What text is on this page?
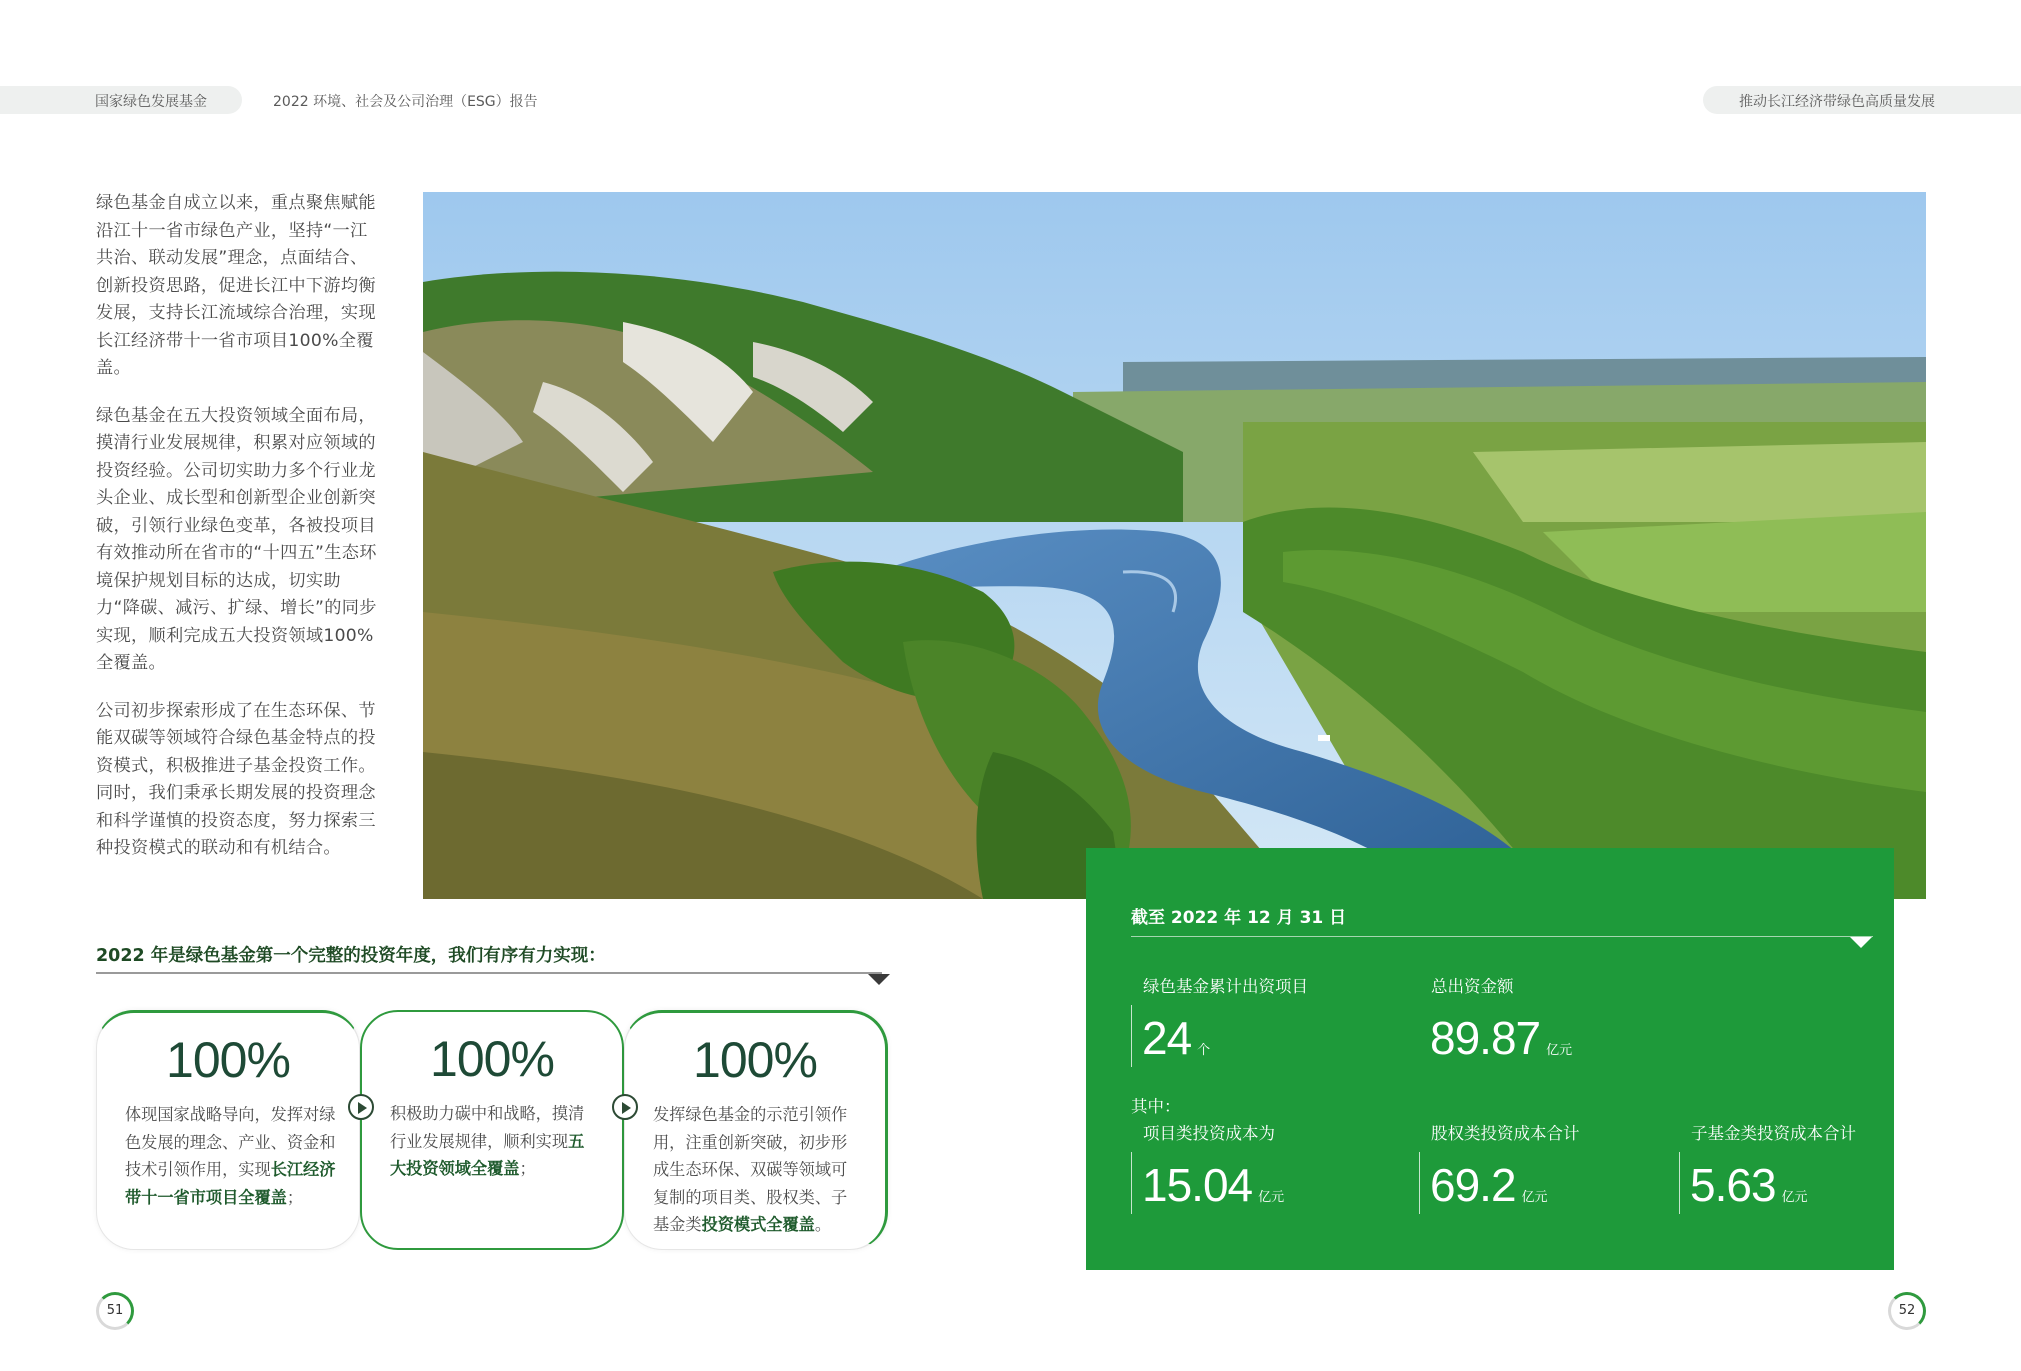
国家绿色发展基金	2022 环境、社会及公司治理（ESG）报告	推动长江经济带绿色高质量发展

绿色基金自成立以来，重点聚焦赋能沿江十一省市绿色产业，坚持“一江共治、联动发展”理念，点面结合、创新投资思路，促进长江中下游均衡发展，支持长江流域综合治理，实现长江经济带十一省市项目100%全覆盖。

绿色基金在五大投资领域全面布局，摸清行业发展规律，积累对应领域的投资经验。公司切实助力多个行业龙头企业、成长型和创新型企业创新突破，引领行业绿色变革，各被投项目有效推动所在省市的“十四五”生态环境保护规划目标的达成，切实助力“降碳、减污、扩绿、增长”的同步实现，顺利完成五大投资领域100%全覆盖。

公司初步探索形成了在生态环保、节能双碳等领域符合绿色基金特点的投资模式，积极推进子基金投资工作。同时，我们秉承长期发展的投资理念和科学谨慎的投资态度，努力探索三种投资模式的联动和有机结合。

2022 年是绿色基金第一个完整的投资年度，我们有序有力实现：
100%
体现国家战略导向，发挥对绿色发展的理念、产业、资金和技术引领作用，实现长江经济带十一省市项目全覆盖；
100%
积极助力碳中和战略，摸清行业发展规律，顺利实现五大投资领域全覆盖；
100%
发挥绿色基金的示范引领作用，注重创新突破，初步形成生态环保、双碳等领域可复制的项目类、股权类、子基金类投资模式全覆盖。
截至 2022 年 12 月 31 日
绿色基金累计出资项目
24 个
总出资金额
89.87 亿元
其中：
项目类投资成本为
15.04 亿元
股权类投资成本合计
69.2 亿元
子基金类投资成本合计
5.63 亿元
51	52
